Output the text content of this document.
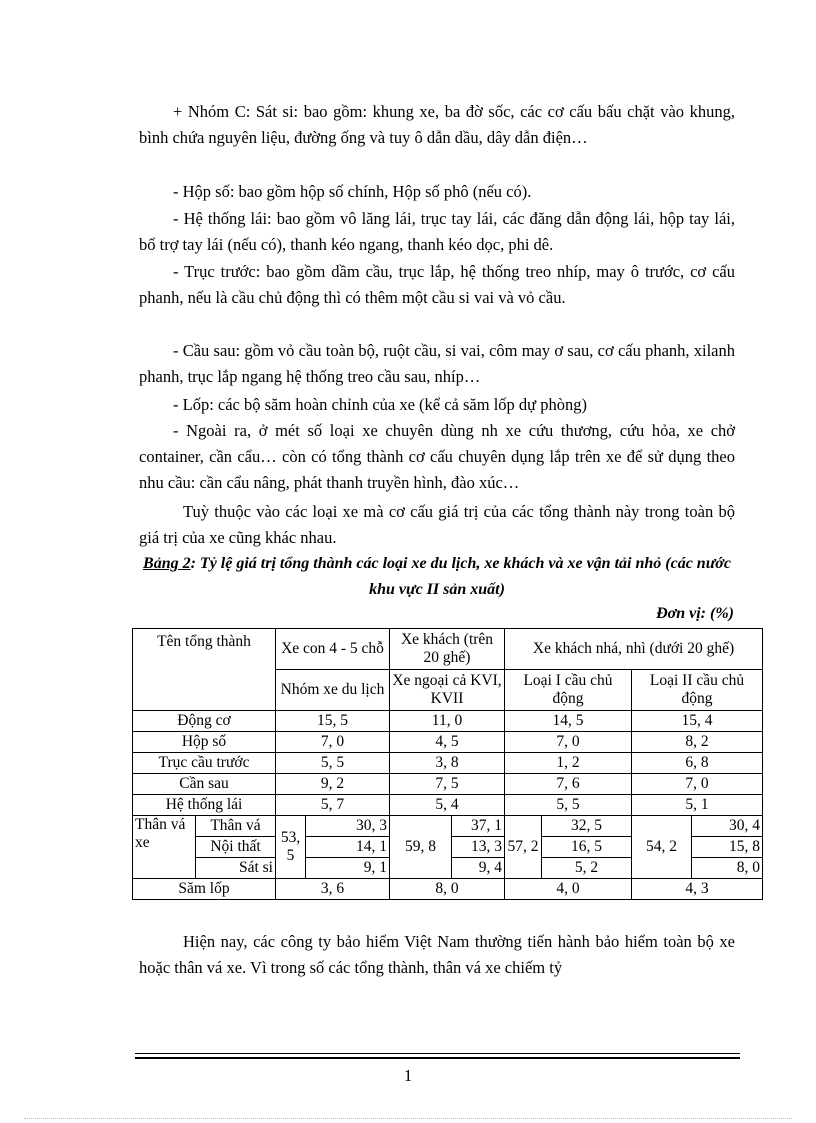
+ Nhóm C: Sát si: bao gồm: khung xe, ba đờ sốc, các cơ cấu bấu chặt vào khung, bình chứa nguyên liệu, đường ống và tuy ô dẫn dầu, dây dẫn điện…

- Hộp số: bao gồm hộp số chính, Hộp số phô (nếu có).

- Hệ thống lái: bao gồm vô lăng lái, trục tay lái, các đăng dẫn động lái, hộp tay lái, bổ trợ tay lái (nếu có), thanh kéo ngang, thanh kéo dọc, phi dê.

- Trục trước: bao gồm dầm cầu, trục lắp, hệ thống treo nhíp, may ô trước, cơ cấu phanh, nếu là cầu chủ động thì có thêm một cầu si vai và vỏ cầu.

- Cầu sau: gồm vỏ cầu toàn bộ, ruột cầu, si vai, côm may ơ sau, cơ cấu phanh, xilanh phanh, trục lắp ngang hệ thống treo cầu sau, nhíp…

- Lốp: các bộ săm hoàn chỉnh của xe (kể cả săm lốp dự phòng)

- Ngoài ra, ở mét số loại xe chuyên dùng nh xe cứu thương, cứu hỏa, xe chở container, cần cẩu… còn có tổng thành cơ cấu chuyên dụng lắp trên xe để sử dụng theo nhu cầu: cần cẩu nâng, phát thanh truyền hình, đào xúc…

Tuỳ thuộc vào các loại xe mà cơ cấu giá trị của các tổng thành này trong toàn bộ giá trị của xe cũng khác nhau.

Bảng 2: Tỷ lệ giá trị tổng thành các loại xe du lịch, xe khách và xe vận tải nhỏ (các nước khu vực II sản xuất)

Đơn vị: (%)
Tên tổng thành		Xe con 4 - 5 chỗ		Xe khách (trên 20 ghế)		Xe khách nhá, nhì (dưới 20 ghế)			
		Nhóm xe du lịch		Xe ngoại cả KVI, KVII		Loại I cầu chủ động		Loại II cầu chủ động	
Động cơ		15, 5		11, 0		14, 5		15, 4	
Hộp số		7, 0		4, 5		7, 0		8, 2	
Trục cầu trước		5, 5		3, 8		1, 2		6, 8	
Cần sau		9, 2		7, 5		7, 6		7, 0	
Hệ thống lái		5, 7		5, 4		5, 5		5, 1	
Thân vá xe	Thân vá	53, 5	30, 3	59, 8	37, 1	57, 2	32, 5	54, 2	30, 4
	Nội thất		14, 1		13, 3		16, 5		15, 8
	Sát si		9, 1		9, 4		5, 2		8, 0
Săm lốp		3, 6		8, 0		4, 0		4, 3	

Hiện nay, các công ty bảo hiểm Việt Nam thường tiến hành bảo hiểm toàn bộ xe hoặc thân vá xe. Vì trong số các tổng thành, thân vá xe chiếm tỷ

1
